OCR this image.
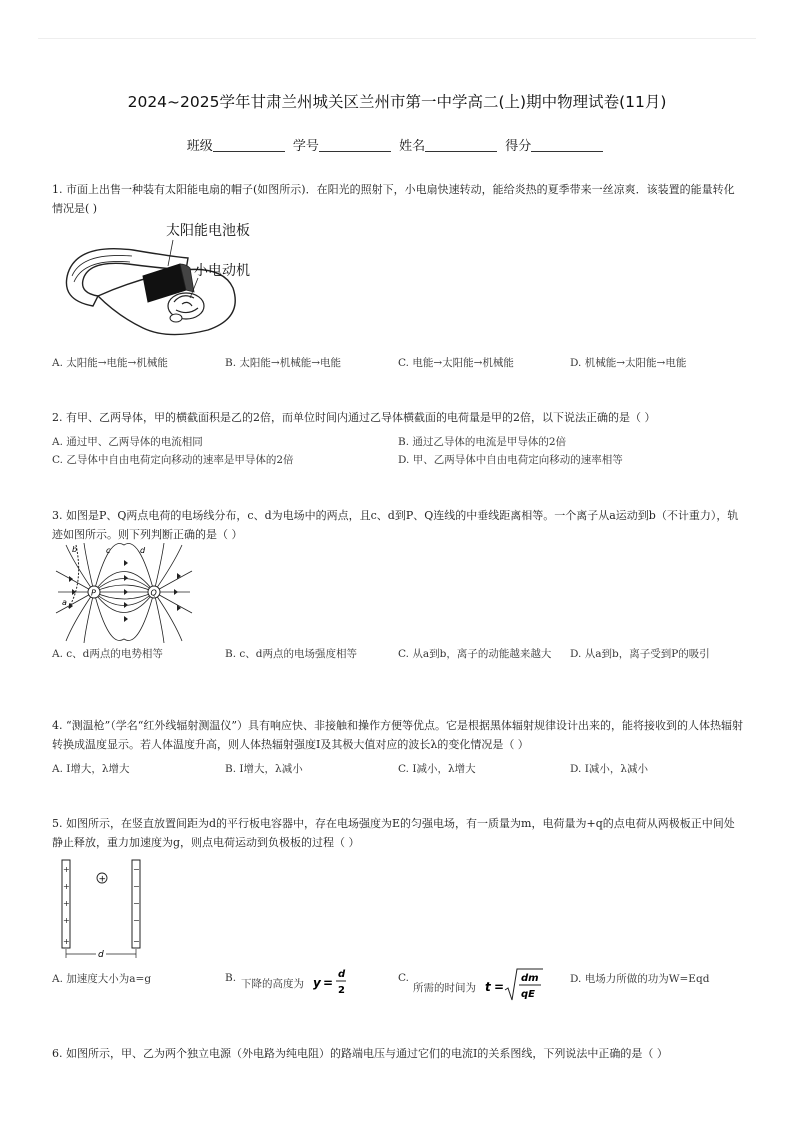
2024~2025学年甘肃兰州城关区兰州市第一中学高二(上)期中物理试卷(11月)
班级	学号	姓名	得分
1. 市面上出售一种装有太阳能电扇的帽子(如图所示)．在阳光的照射下，小电扇快速转动，能给炎热的夏季带来一丝凉爽．该装置的能量转化情况是( )
太阳能电池板
小电动机
A. 太阳能→电能→机械能	B. 太阳能→机械能→电能	C. 电能→太阳能→机械能	D. 机械能→太阳能→电能
2. 有甲、乙两导体，甲的横截面积是乙的2倍，而单位时间内通过乙导体横截面的电荷量是甲的2倍，以下说法正确的是（ ）
A. 通过甲、乙两导体的电流相同	B. 通过乙导体的电流是甲导体的2倍
C. 乙导体中自由电荷定向移动的速率是甲导体的2倍	D. 甲、乙两导体中自由电荷定向移动的速率相等
3. 如图是P、Q两点电荷的电场线分布，c、d为电场中的两点，且c、d到P、Q连线的中垂线距离相等。一个离子从a运动到b（不计重力），轨迹如图所示。则下列判断正确的是（ ）
P	Q
b
a
c	d
A. c、d两点的电势相等	B. c、d两点的电场强度相等	C. 从a到b，离子的动能越来越大	D. 从a到b，离子受到P的吸引
4. “测温枪”（学名“红外线辐射测温仪”）具有响应快、非接触和操作方便等优点。它是根据黑体辐射规律设计出来的，能将接收到的人体热辐射转换成温度显示。若人体温度升高，则人体热辐射强度I及其极大值对应的波长λ的变化情况是（ ）
A. I增大，λ增大	B. I增大，λ减小	C. I减小，λ增大	D. I减小，λ减小
5. 如图所示，在竖直放置间距为d的平行板电容器中，存在电场强度为E的匀强电场，有一质量为m，电荷量为+q的点电荷从两极板正中间处静止释放，重力加速度为g，则点电荷运动到负极板的过程（ ）
+
+
+
+
+
−
−
−
−
−
+
d
A. 加速度大小为a=g	B. 下降的高度为 y =
d
2
C.
所需的时间为 t =
dm
qE
D. 电场力所做的功为W=Eqd
6. 如图所示，甲、乙为两个独立电源（外电路为纯电阻）的路端电压与通过它们的电流I的关系图线，下列说法中正确的是（ ）
